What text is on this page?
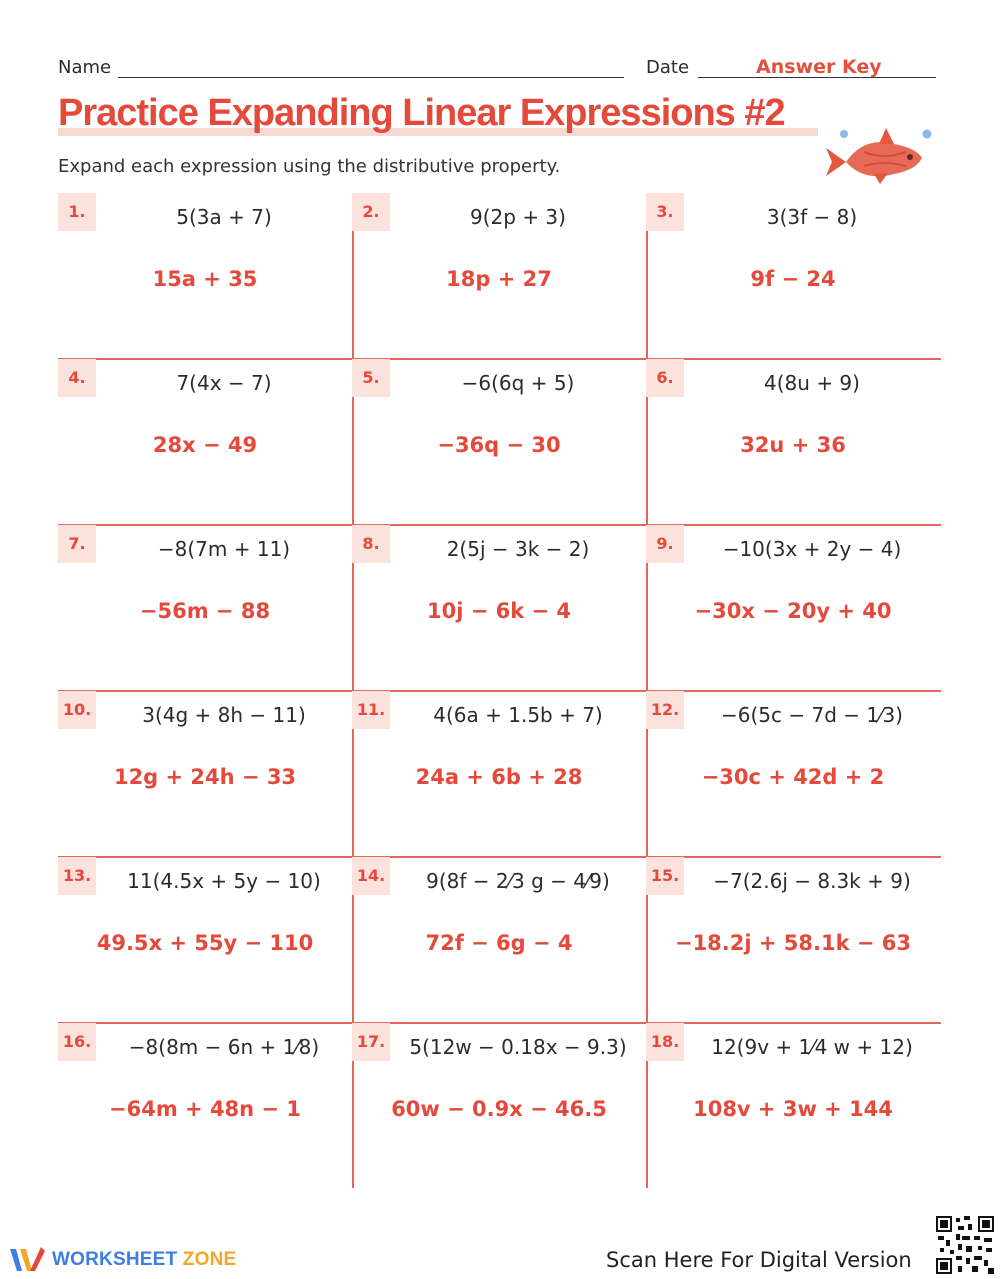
Name	Date	Answer Key
Practice Expanding Linear Expressions #2
Expand each expression using the distributive property.
1.	5(3a + 7)
15a + 35
2.	9(2p + 3)
18p + 27
3.	3(3f − 8)
9f − 24
4.	7(4x − 7)
28x − 49
5.	−6(6q + 5)
−36q − 30
6.	4(8u + 9)
32u + 36
7.	−8(7m + 11)
−56m − 88
8.	2(5j − 3k − 2)
10j − 6k − 4
9.	−10(3x + 2y − 4)
−30x − 20y + 40
10.	3(4g + 8h − 11)
12g + 24h − 33
11.	4(6a + 1.5b + 7)
24a + 6b + 28
12.	−6(5c − 7d − 1⁄3)
−30c + 42d + 2
13.	11(4.5x + 5y − 10)
49.5x + 55y − 110
14.	9(8f − 2⁄3 g − 4⁄9)
72f − 6g − 4
15.	−7(2.6j − 8.3k + 9)
−18.2j + 58.1k − 63
16.	−8(8m − 6n + 1⁄8)
−64m + 48n − 1
17.	5(12w − 0.18x − 9.3)
60w − 0.9x − 46.5
18.	12(9v + 1⁄4 w + 12)
108v + 3w + 144
WORKSHEET ZONE	Scan Here For Digital Version
